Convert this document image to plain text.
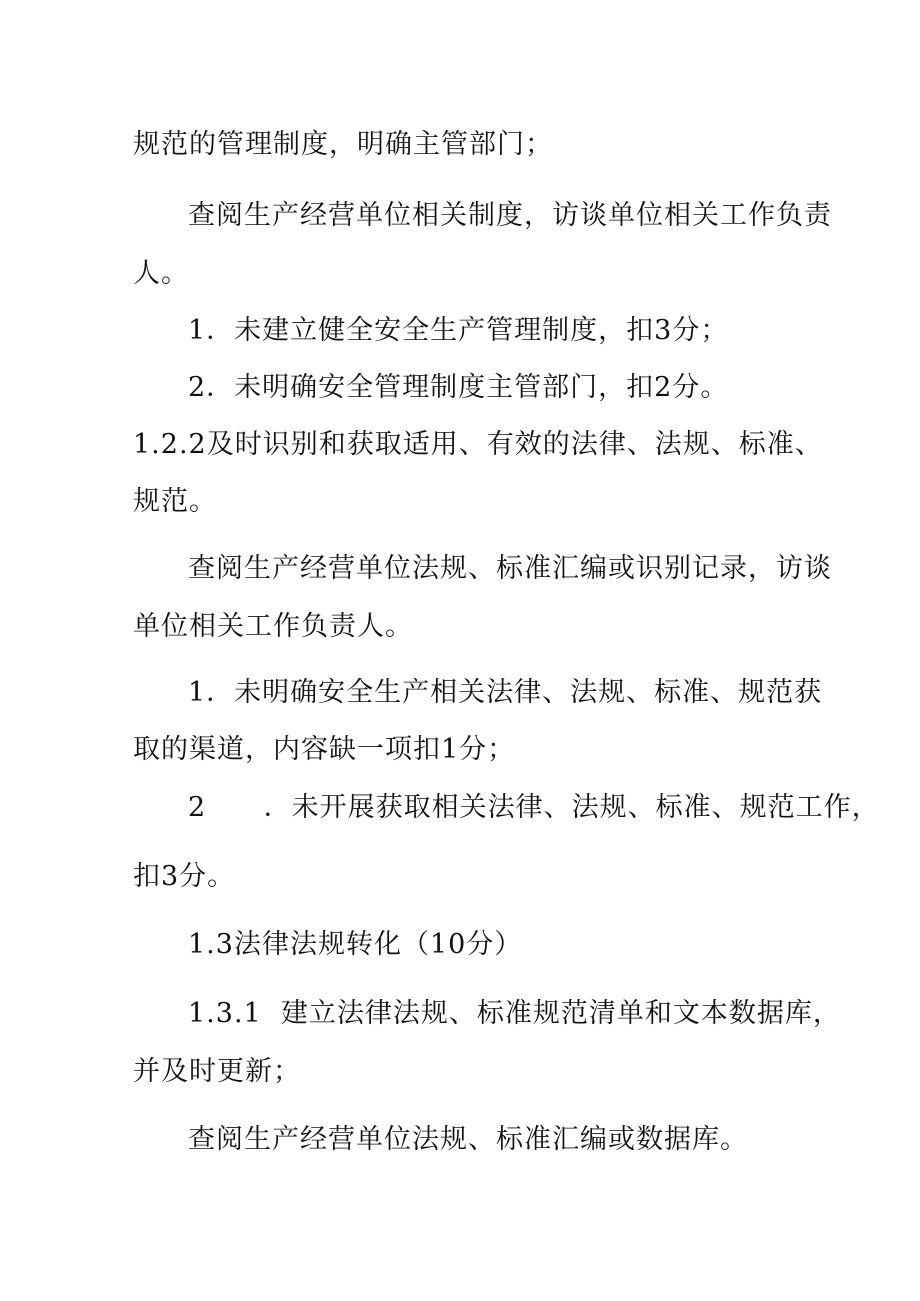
规范的管理制度，明确主管部门；
查阅生产经营单位相关制度，访谈单位相关工作负责
人。
1．未建立健全安全生产管理制度，扣3分；
2．未明确安全管理制度主管部门，扣2分。
1.2.2及时识别和获取适用、有效的法律、法规、标准、
规范。
查阅生产经营单位法规、标准汇编或识别记录，访谈
单位相关工作负责人。
1．未明确安全生产相关法律、法规、标准、规范获
取的渠道，内容缺一项扣1分；
2      ．未开展获取相关法律、法规、标准、规范工作，
扣3分。
1.3法律法规转化（10分）
1.3.1  建立法律法规、标准规范清单和文本数据库，
并及时更新；
查阅生产经营单位法规、标准汇编或数据库。
